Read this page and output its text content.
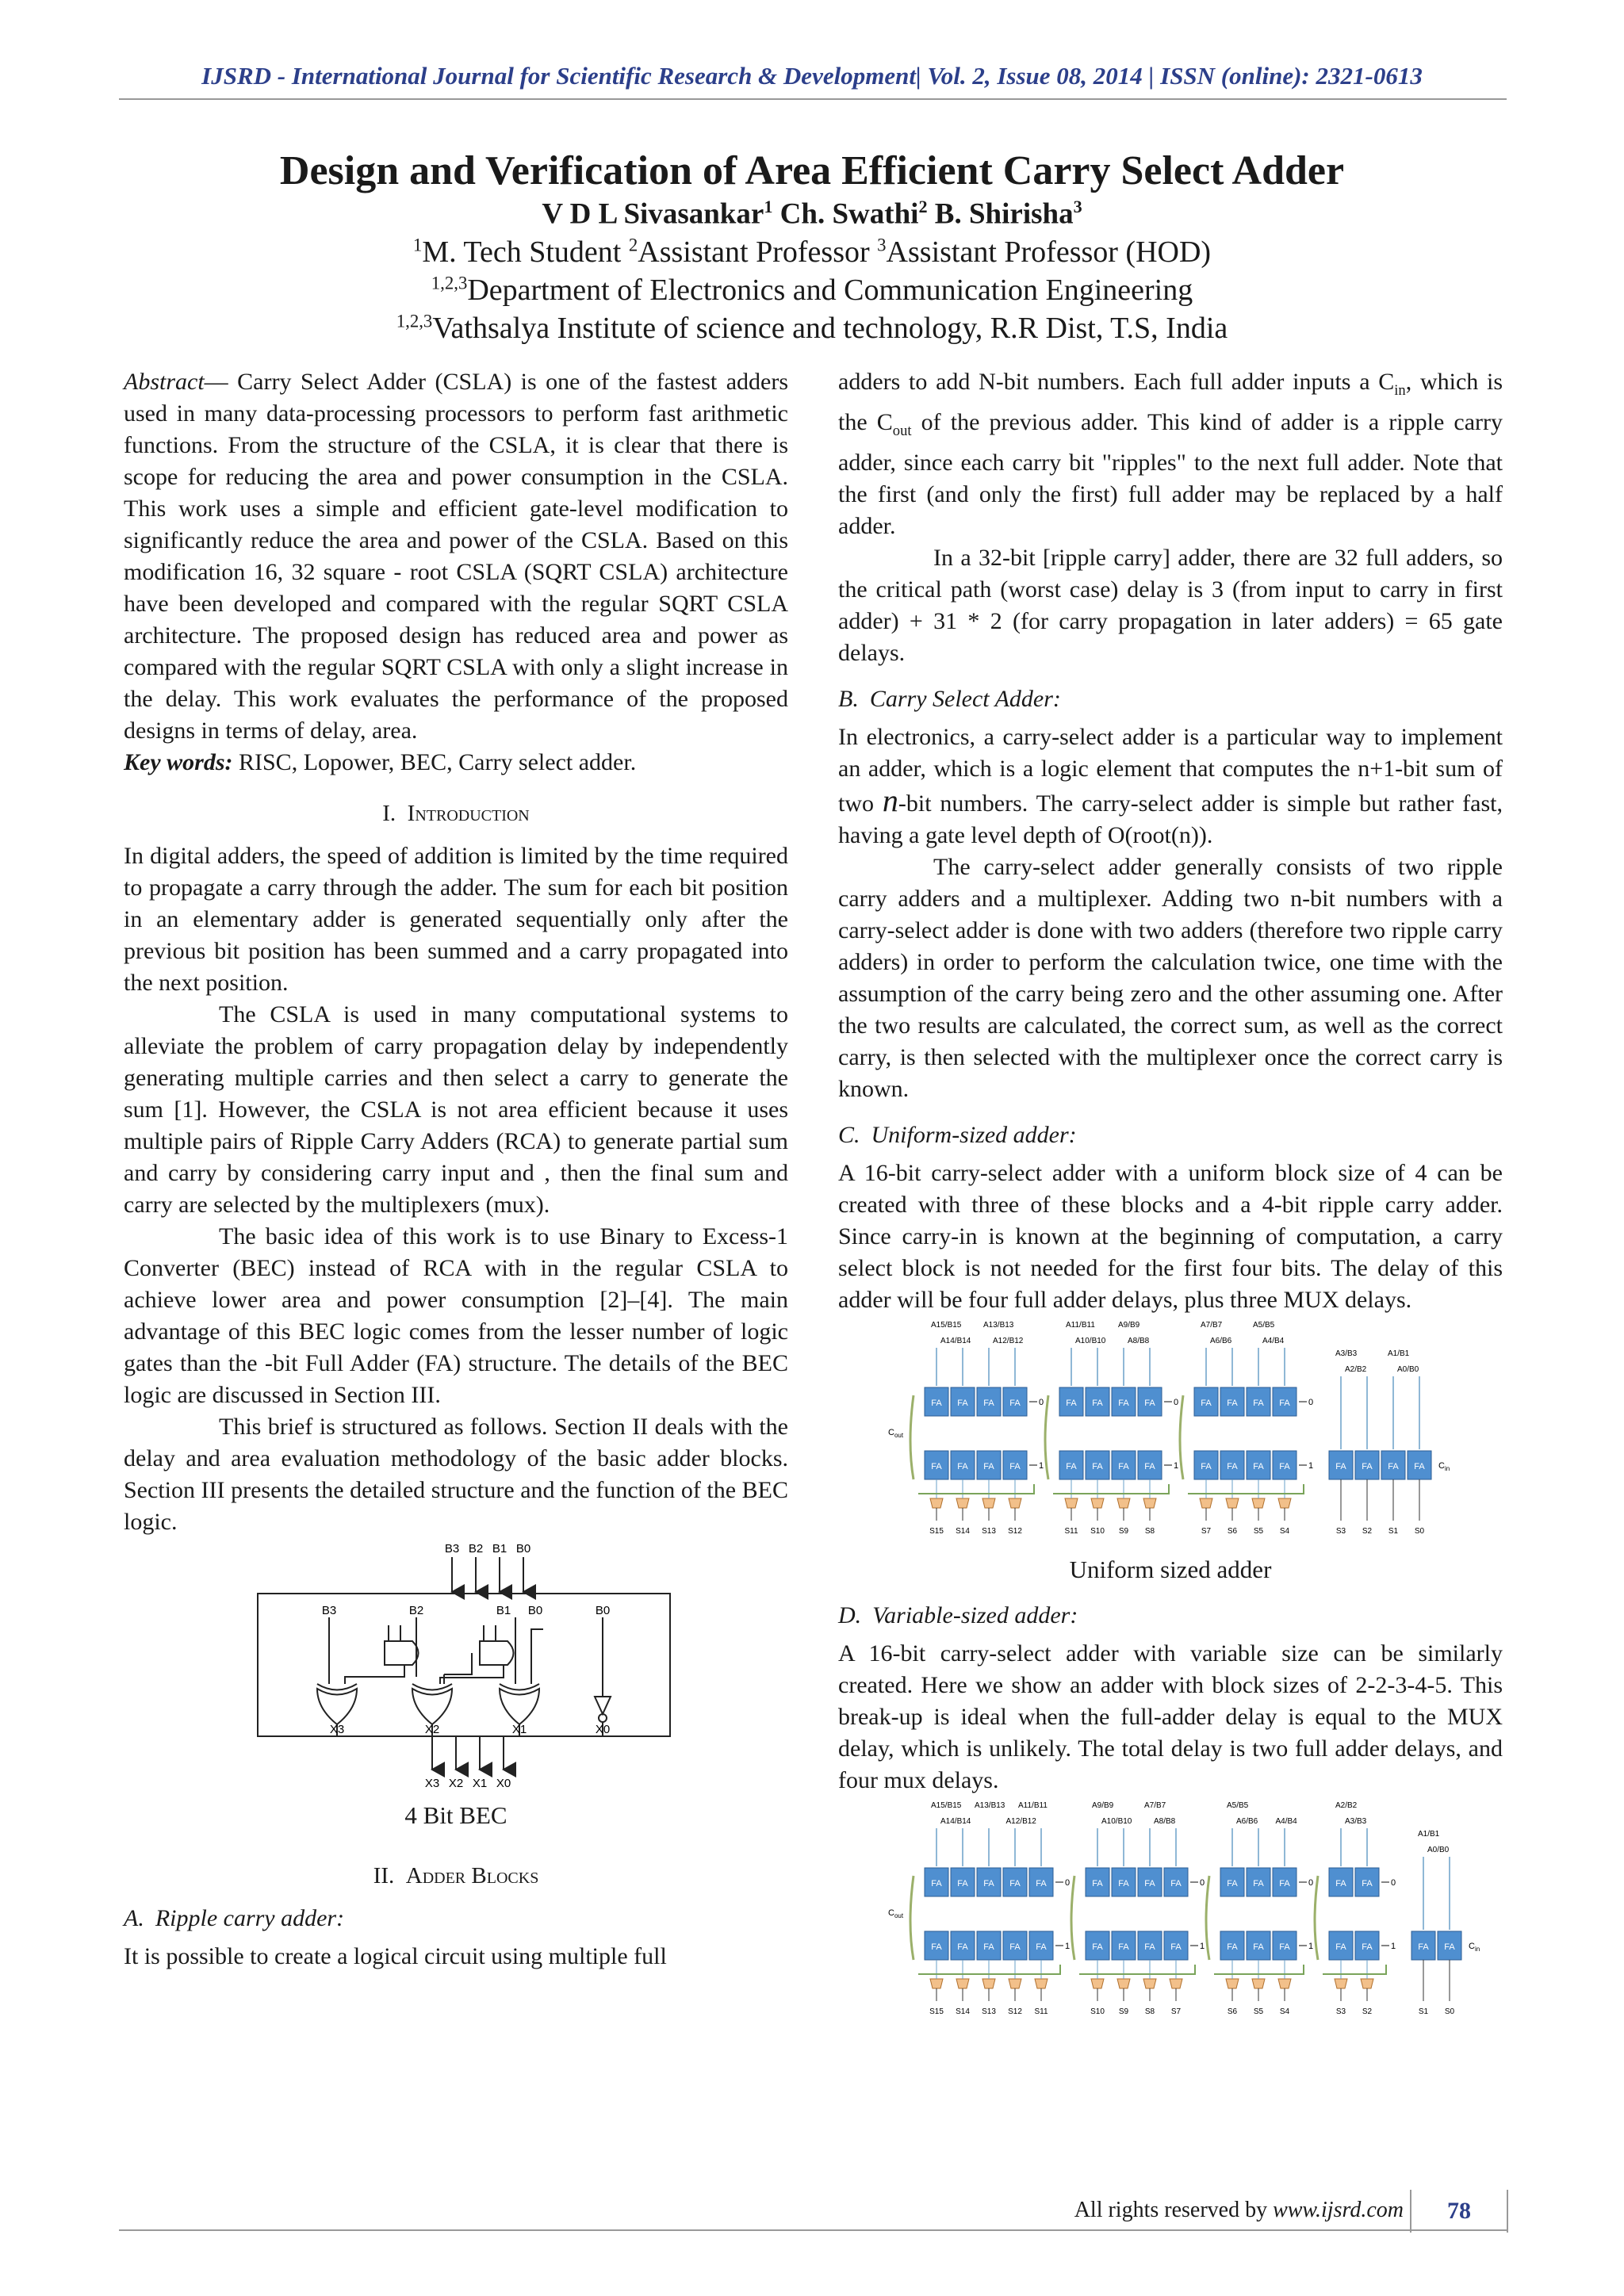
IJSRD - International Journal for Scientific Research & Development| Vol. 2, Issue 08, 2014 | ISSN (online): 2321-0613
Design and Verification of Area Efficient Carry Select Adder
V D L Sivasankar$^1$ Ch. Swathi$^2$ B. Shirisha$^3$
$^1$M. Tech Student $^2$Assistant Professor $^3$Assistant Professor (HOD)
$^{1,2,3}$Department of Electronics and Communication Engineering
$^{1,2,3}$Vathsalya Institute of science and technology, R.R Dist, T.S, India

Abstract— Carry Select Adder (CSLA) is one of the fastest adders used in many data-processing processors to perform fast arithmetic functions. From the structure of the CSLA, it is clear that there is scope for reducing the area and power consumption in the CSLA. This work uses a simple and efficient gate-level modification to significantly reduce the area and power of the CSLA. Based on this modification 16, 32 square - root CSLA (SQRT CSLA) architecture have been developed and compared with the regular SQRT CSLA architecture. The proposed design has reduced area and power as compared with the regular SQRT CSLA with only a slight increase in the delay. This work evaluates the performance of the proposed designs in terms of delay, area.

Key words: RISC, Lopower, BEC, Carry select adder.

I. Introduction

In digital adders, the speed of addition is limited by the time required to propagate a carry through the adder. The sum for each bit position in an elementary adder is generated sequentially only after the previous bit position has been summed and a carry propagated into the next position.

The CSLA is used in many computational systems to alleviate the problem of carry propagation delay by independently generating multiple carries and then select a carry to generate the sum [1]. However, the CSLA is not area efficient because it uses multiple pairs of Ripple Carry Adders (RCA) to generate partial sum and carry by considering carry input and , then the final sum and carry are selected by the multiplexers (mux).

The basic idea of this work is to use Binary to Excess-1 Converter (BEC) instead of RCA with in the regular CSLA to achieve lower area and power consumption [2]–[4]. The main advantage of this BEC logic comes from the lesser number of logic gates than the -bit Full Adder (FA) structure. The details of the BEC logic are discussed in Section III.

This brief is structured as follows. Section II deals with the delay and area evaluation methodology of the basic adder blocks. Section III presents the detailed structure and the function of the BEC logic.

B3 B2 B1 B0
B3	B2	B1 B0	B0
X3	X2	X1	X0
X3 X2 X1 X0
4 Bit BEC
II. Adder Blocks
A. Ripple carry adder:

It is possible to create a logical circuit using multiple full

adders to add N-bit numbers. Each full adder inputs a $C_{in}$, which is the $C_{out}$ of the previous adder. This kind of adder is a ripple carry adder, since each carry bit "ripples" to the next full adder. Note that the first (and only the first) full adder may be replaced by a half adder.

In a 32-bit [ripple carry] adder, there are 32 full adders, so the critical path (worst case) delay is 3 (from input to carry in first adder) + 31 * 2 (for carry propagation in later adders) = 65 gate delays.

B. Carry Select Adder:

In electronics, a carry-select adder is a particular way to implement an adder, which is a logic element that computes the n+1-bit sum of two n-bit numbers. The carry-select adder is simple but rather fast, having a gate level depth of O(root(n)).

The carry-select adder generally consists of two ripple carry adders and a multiplexer. Adding two n-bit numbers with a carry-select adder is done with two adders (therefore two ripple carry adders) in order to perform the calculation twice, one time with the assumption of the carry being zero and the other assuming one. After the two results are calculated, the correct sum, as well as the correct carry, is then selected with the multiplexer once the correct carry is known.

C. Uniform-sized adder:

A 16-bit carry-select adder with a uniform block size of 4 can be created with three of these blocks and a 4-bit ripple carry adder. Since carry-in is known at the beginning of computation, a carry select block is not needed for the first four bits. The delay of this adder will be four full adder delays, plus three MUX delays.

$C_{out}$
A15/B15	A13/B13
A14/B14	A12/B12
FA FA FA FA 0
FA FA FA FA 1
S15 S14 S13 S12
A11/B11	A9/B9
A10/B10	A8/B8
FA FA FA FA 0
FA FA FA FA 1
S11 S10 S9 S8
A7/B7	A5/B5
A6/B6	A4/B4
FA FA FA FA 0
FA FA FA FA 1
S7 S6 S5 S4
A3/B3	A1/B1
A2/B2	A0/B0
FA FA FA FA $C_{in}$
S3 S2 S1 S0
Uniform sized adder
D. Variable-sized adder:

A 16-bit carry-select adder with variable size can be similarly created. Here we show an adder with block sizes of 2-2-3-4-5. This break-up is ideal when the full-adder delay is equal to the MUX delay, which is unlikely. The total delay is two full adder delays, and four mux delays.

$C_{out}$
A15/B15 A13/B13 A11/B11
A14/B14	A12/B12
FA FA FA FA FA 0
FA FA FA FA FA 1
S15 S14 S13 S12 S11
A9/B9	A7/B7
A10/B10	A8/B8
FA FA FA FA 0
FA FA FA FA 1
S10 S9 S8 S7
A5/B5
A6/B6 A4/B4
FA FA FA 0
FA FA FA 1
S6 S5 S4
A2/B2
A3/B3
FA FA 0
FA FA 1
S3 S2
A1/B1
A0/B0
FA FA $C_{in}$
S1 S0
All rights reserved by www.ijsrd.com	78
